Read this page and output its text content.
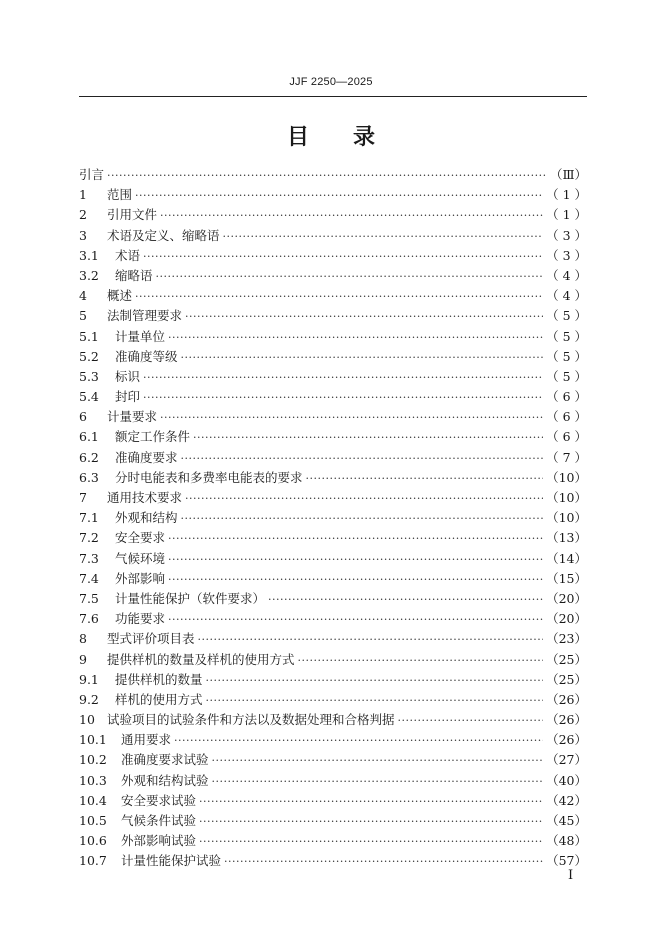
JJF 2250—2025
目 录
引言 ·····	（Ⅲ）
1	范围 ·····	（ 1 ）
2	引用文件 ·····	（ 1 ）
3	术语及定义、缩略语 ·····	（ 3 ）
3.1	术语 ·····	（ 3 ）
3.2	缩略语 ·····	（ 4 ）
4	概述 ·····	（ 4 ）
5	法制管理要求 ·····	（ 5 ）
5.1	计量单位 ·····	（ 5 ）
5.2	准确度等级 ·····	（ 5 ）
5.3	标识 ·····	（ 5 ）
5.4	封印 ·····	（ 6 ）
6	计量要求 ·····	（ 6 ）
6.1	额定工作条件 ·····	（ 6 ）
6.2	准确度要求 ·····	（ 7 ）
6.3	分时电能表和多费率电能表的要求 ·····	（10）
7	通用技术要求 ·····	（10）
7.1	外观和结构 ·····	（10）
7.2	安全要求 ·····	（13）
7.3	气候环境 ·····	（14）
7.4	外部影响 ·····	（15）
7.5	计量性能保护（软件要求） ·····	（20）
7.6	功能要求 ·····	（20）
8	型式评价项目表 ·····	（23）
9	提供样机的数量及样机的使用方式 ·····	（25）
9.1	提供样机的数量 ·····	（25）
9.2	样机的使用方式 ·····	（26）
10 试验项目的试验条件和方法以及数据处理和合格判据 ·····	（26）
10.1	通用要求 ·····	（26）
10.2	准确度要求试验 ·····	（27）
10.3	外观和结构试验 ·····	（40）
10.4	安全要求试验 ·····	（42）
10.5	气候条件试验 ·····	（45）
10.6	外部影响试验 ·····	（48）
10.7	计量性能保护试验 ·····	（57）
I
